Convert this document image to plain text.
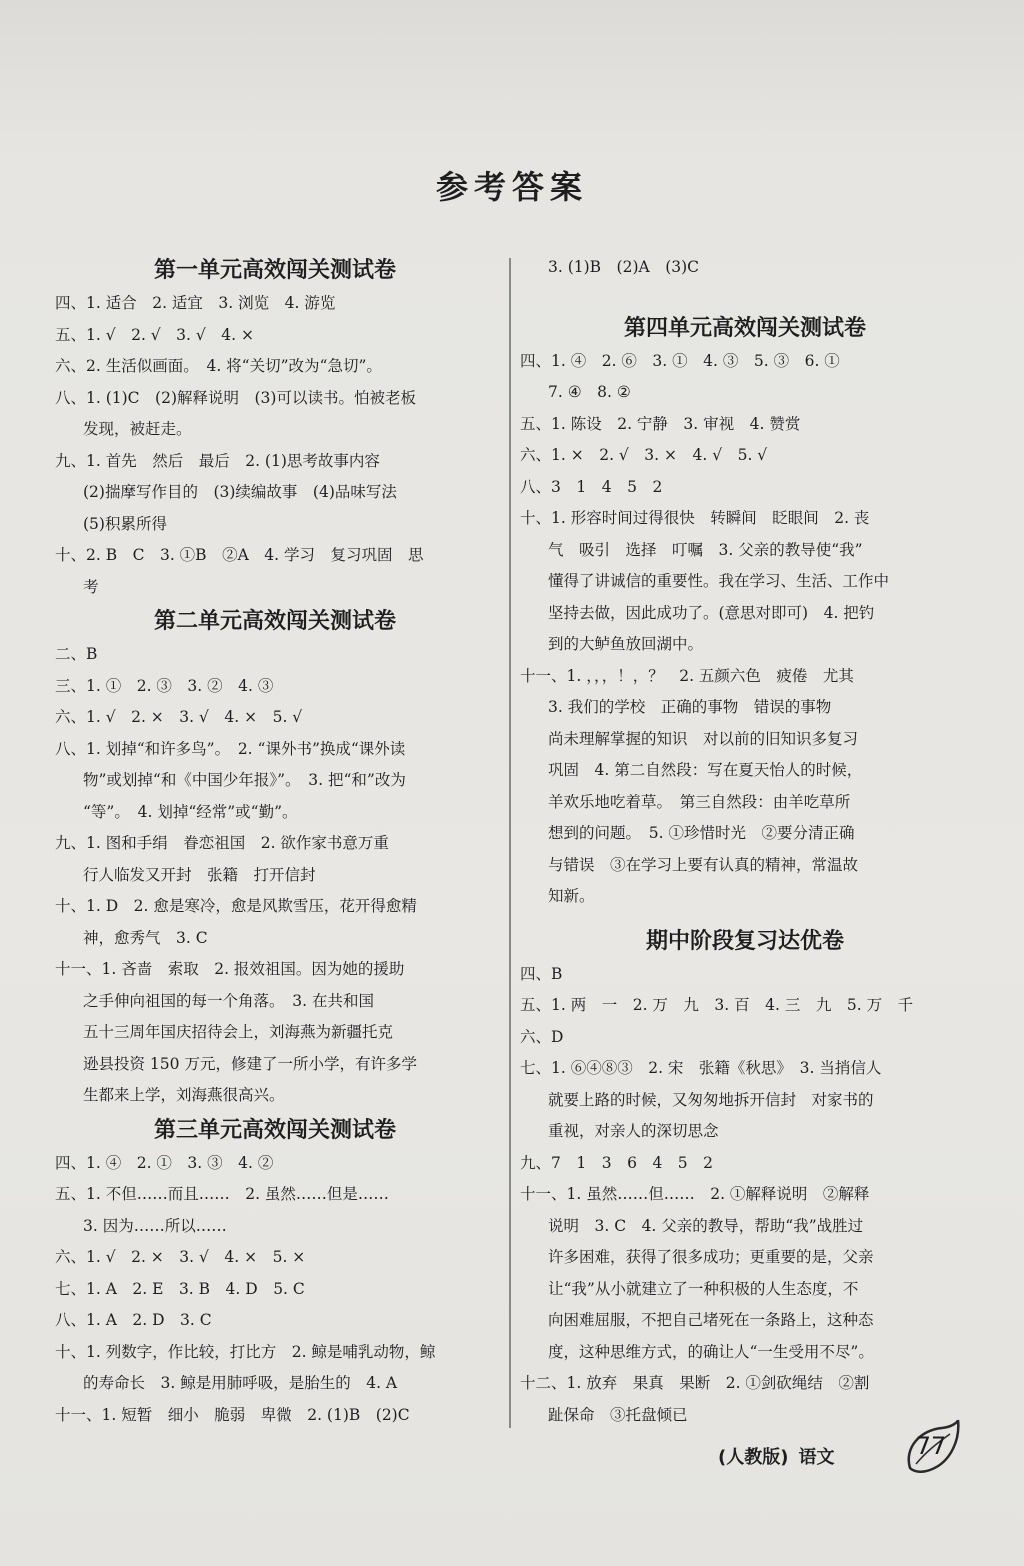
参考答案
第一单元高效闯关测试卷
四、1. 适合　2. 适宜　3. 浏览　4. 游览
五、1. √　2. √　3. √　4. ×
六、2. 生活似画面。　4. 将“关切”改为“急切”。
八、1. (1)C　(2)解释说明　(3)可以读书。怕被老板
发现，被赶走。
九、1. 首先　然后　最后　2. (1)思考故事内容
(2)揣摩写作目的　(3)续编故事　(4)品味写法
(5)积累所得
十、2. B　C　3. ①B　②A　4. 学习　复习巩固　思
考
第二单元高效闯关测试卷
二、B
三、1. ①　2. ③　3. ②　4. ③
六、1. √　2. ×　3. √　4. ×　5. √
八、1. 划掉“和许多鸟”。　2. “课外书”换成“课外读
物”或划掉“和《中国少年报》”。　3. 把“和”改为
“等”。　4. 划掉“经常”或“勤”。
九、1. 图和手绢　眷恋祖国　2. 欲作家书意万重
行人临发又开封　张籍　打开信封
十、1. D　2. 愈是寒冷，愈是风欺雪压，花开得愈精
神，愈秀气　3. C
十一、1. 吝啬　索取　2. 报效祖国。因为她的援助
之手伸向祖国的每一个角落。　3. 在共和国
五十三周年国庆招待会上，刘海燕为新疆托克
逊县投资 150 万元，修建了一所小学，有许多学
生都来上学，刘海燕很高兴。
第三单元高效闯关测试卷
四、1. ④　2. ①　3. ③　4. ②
五、1. 不但……而且……　2. 虽然……但是……
3. 因为……所以……
六、1. √　2. ×　3. √　4. ×　5. ×
七、1. A　2. E　3. B　4. D　5. C
八、1. A　2. D　3. C
十、1. 列数字，作比较，打比方　2. 鲸是哺乳动物，鲸
的寿命长　3. 鲸是用肺呼吸，是胎生的　4. A
十一、1. 短暂　细小　脆弱　卑微　2. (1)B　(2)C
3. (1)B　(2)A　(3)C
第四单元高效闯关测试卷
四、1. ④　2. ⑥　3. ①　4. ③　5. ③　6. ①
7. ④　8. ②
五、1. 陈设　2. 宁静　3. 审视　4. 赞赏
六、1. ×　2. √　3. ×　4. √　5. √
八、3　1　4　5　2
十、1. 形容时间过得很快　转瞬间　眨眼间　2. 丧
气　吸引　选择　叮嘱　3. 父亲的教导使“我”
懂得了讲诚信的重要性。我在学习、生活、工作中
坚持去做，因此成功了。(意思对即可)　4. 把钓
到的大鲈鱼放回湖中。
十一、1. ，，，！，？　2. 五颜六色　疲倦　尤其
3. 我们的学校　正确的事物　错误的事物
尚未理解掌握的知识　对以前的旧知识多复习
巩固　4. 第二自然段：写在夏天怡人的时候，
羊欢乐地吃着草。　第三自然段：由羊吃草所
想到的问题。　5. ①珍惜时光　②要分清正确
与错误　③在学习上要有认真的精神，常温故
知新。
期中阶段复习达优卷
四、B
五、1. 两　一　2. 万　九　3. 百　4. 三　九　5. 万　千
六、D
七、1. ⑥④⑧③　2. 宋　张籍《秋思》　3. 当捎信人
就要上路的时候，又匆匆地拆开信封　对家书的
重视，对亲人的深切思念
九、7　1　3　6　4　5　2
十一、1. 虽然……但……　2. ①解释说明　②解释
说明　3. C　4. 父亲的教导，帮助“我”战胜过
许多困难，获得了很多成功；更重要的是，父亲
让“我”从小就建立了一种积极的人生态度，不
向困难屈服，不把自己堵死在一条路上，这种态
度，这种思维方式，的确让人“一生受用不尽”。
十二、1. 放弃　果真　果断　2. ①剑砍绳结　②割
趾保命　③托盘倾已
(人教版) 语文	77
